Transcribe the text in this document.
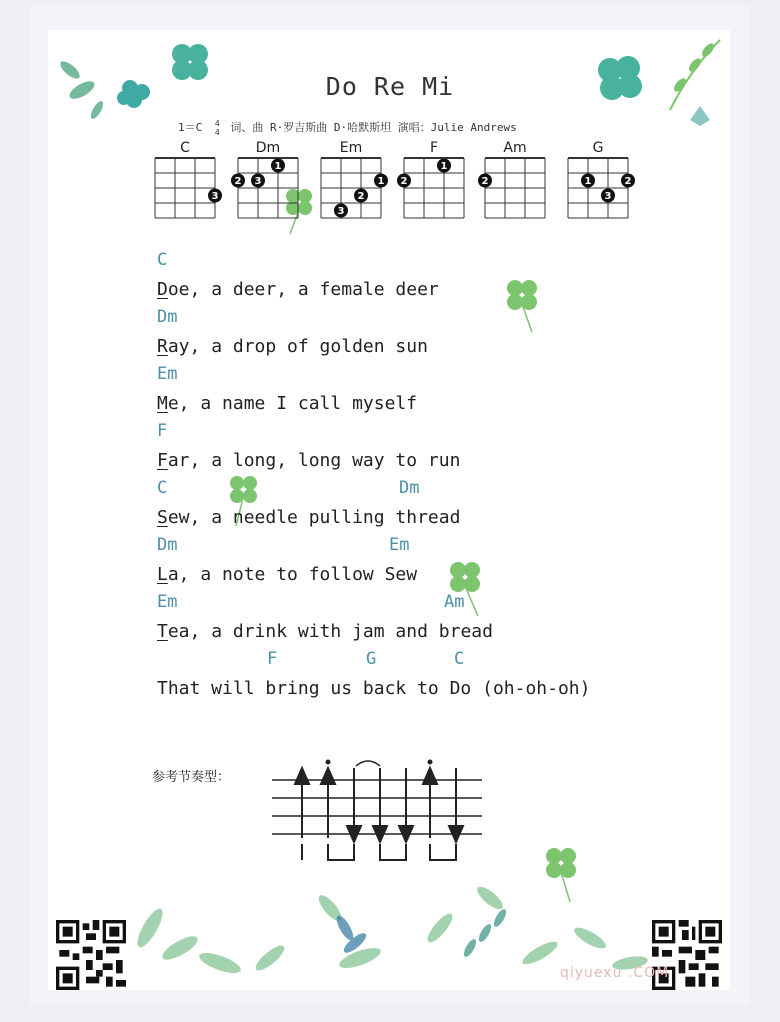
Do Re Mi
1＝C 4
4 词、曲 R·罗吉斯曲 D·哈默斯坦 演唱：Julie Andrews
C
3
Dm
1
2 3
Em
1
2
3
F
1
2
Am
2
G
1	2
3
C
Doe, a deer, a female deer
Dm
Ray, a drop of golden sun
Em
Me, a name I call myself
F
Far, a long, long way to run
C	Dm
Sew, a needle pulling thread
Dm	Em
La, a note to follow Sew
Em	Am
Tea, a drink with jam and bread
F	G	C
That will bring us back to Do (oh-oh-oh)
参考节奏型：
qiyuexu .COM
